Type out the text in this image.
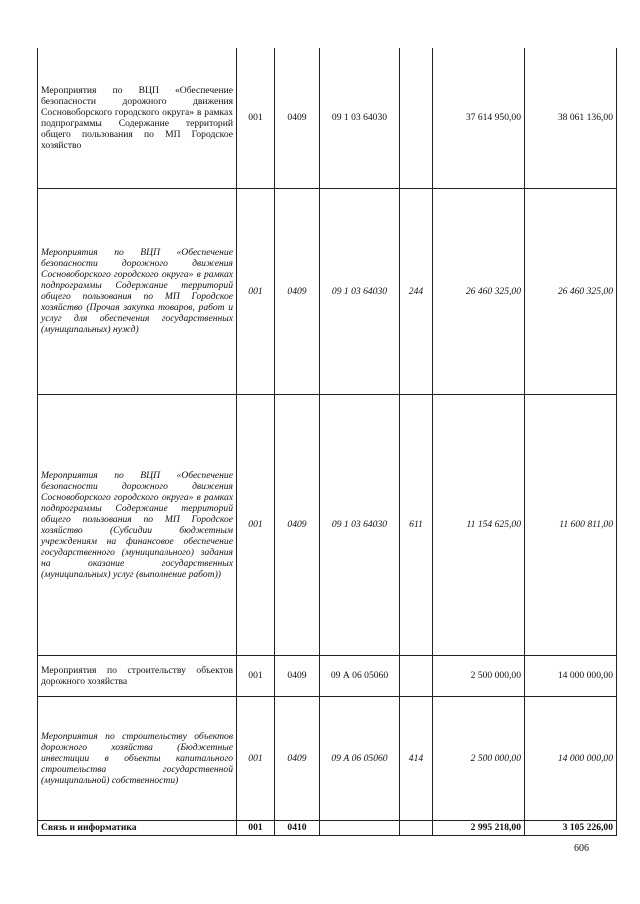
Мероприятия по ВЦП «Обеспечение безопасности дорожного движения Сосновоборского городского округа» в рамках подпрограммы Содержание территорий общего пользования по МП Городское хозяйство	001	0409	09 1 03 64030		37 614 950,00	38 061 136,00
Мероприятия по ВЦП «Обеспечение безопасности дорожного движения Сосновоборского городского округа» в рамках подпрограммы Содержание территорий общего пользования по МП Городское хозяйство (Прочая закупка товаров, работ и услуг для обеспечения государственных (муниципальных) нужд)	001	0409	09 1 03 64030	244	26 460 325,00	26 460 325,00
Мероприятия по ВЦП «Обеспечение безопасности дорожного движения Сосновоборского городского округа» в рамках подпрограммы Содержание территорий общего пользования по МП Городское хозяйство (Субсидии бюджетным учреждениям на финансовое обеспечение государственного (муниципального) задания на оказание государственных (муниципальных) услуг (выполнение работ))	001	0409	09 1 03 64030	611	11 154 625,00	11 600 811,00
Мероприятия по строительству объектов дорожного хозяйства	001	0409	09 А 06 05060		2 500 000,00	14 000 000,00
Мероприятия по строительству объектов дорожного хозяйства (Бюджетные инвестиции в объекты капитального строительства государственной (муниципальной) собственности)	001	0409	09 А 06 05060	414	2 500 000,00	14 000 000,00
Связь и информатика	001	0410			2 995 218,00	3 105 226,00
606
